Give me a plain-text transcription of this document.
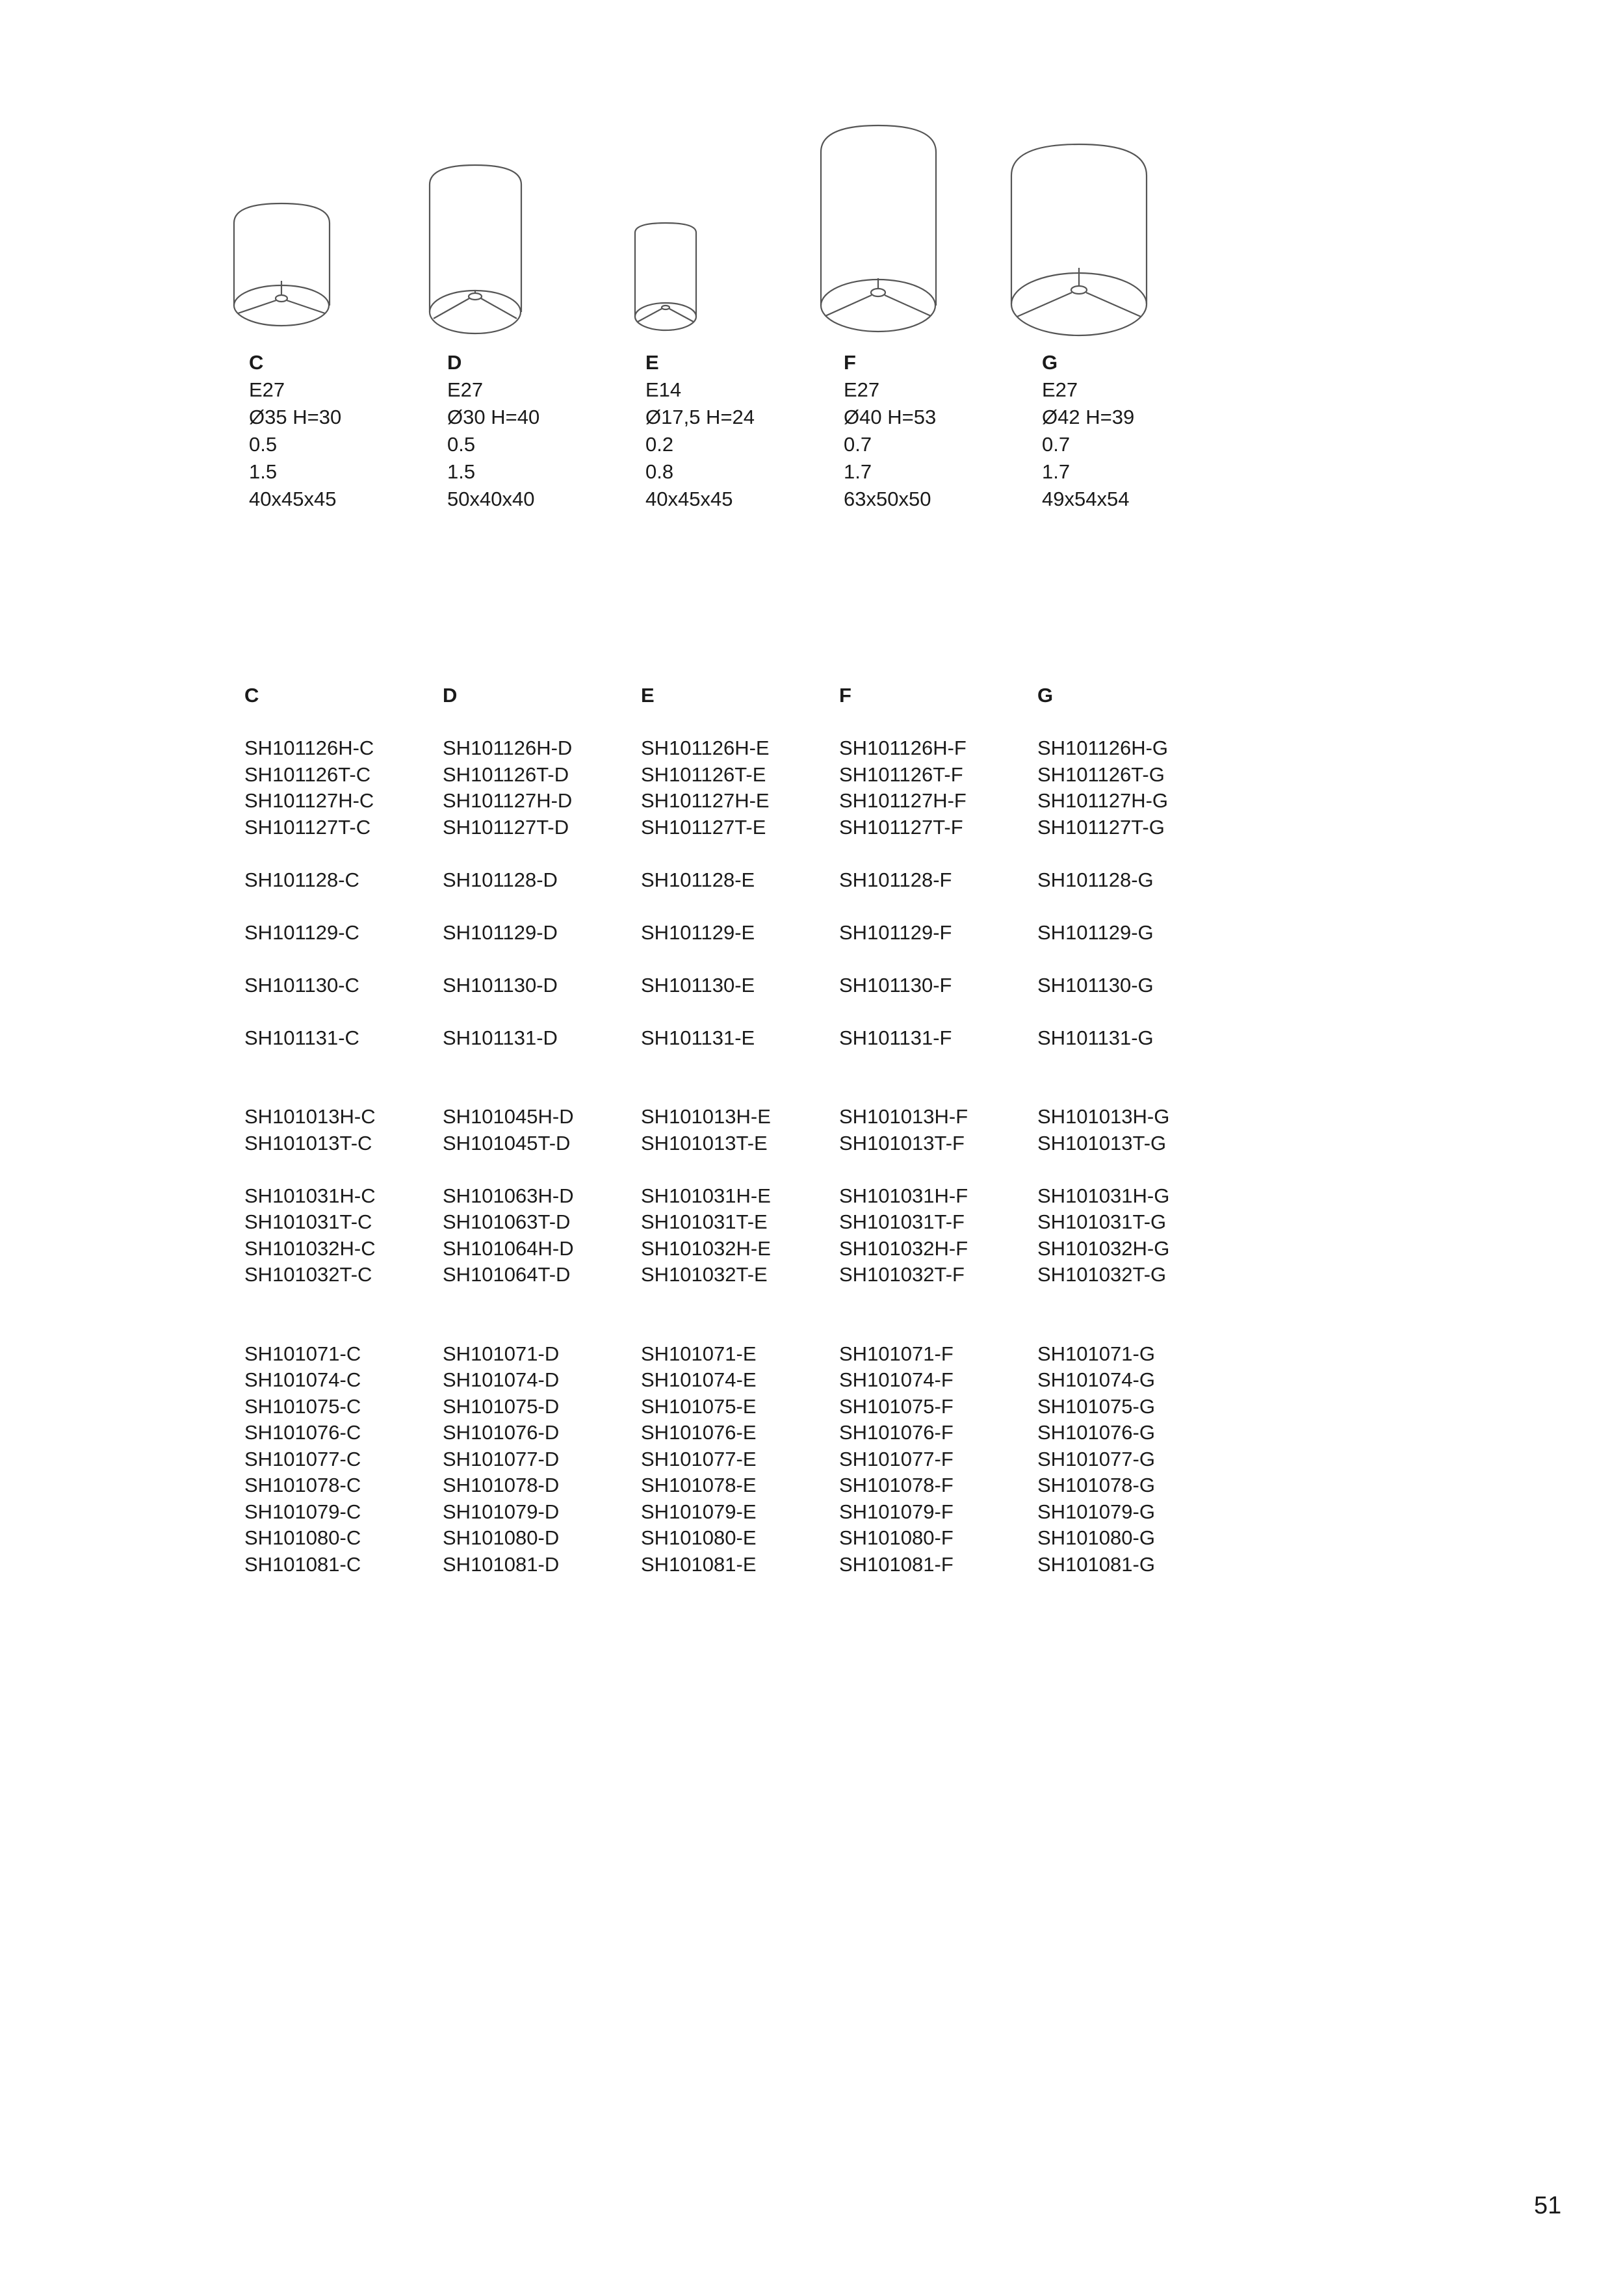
C
E27
Ø35 H=30
0.5
1.5
40x45x45
D
E27
Ø30 H=40
0.5
1.5
50x40x40
E
E14
Ø17,5 H=24
0.2
0.8
40x45x45
F
E27
Ø40 H=53
0.7
1.7
63x50x50
G
E27
Ø42 H=39
0.7
1.7
49x54x54
C
SH101126H-C
SH101126T-C
SH101127H-C
SH101127T-C
SH101128-C
SH101129-C
SH101130-C
SH101131-C
SH101013H-C
SH101013T-C
SH101031H-C
SH101031T-C
SH101032H-C
SH101032T-C
SH101071-C
SH101074-C
SH101075-C
SH101076-C
SH101077-C
SH101078-C
SH101079-C
SH101080-C
SH101081-C
D
SH101126H-D
SH101126T-D
SH101127H-D
SH101127T-D
SH101128-D
SH101129-D
SH101130-D
SH101131-D
SH101045H-D
SH101045T-D
SH101063H-D
SH101063T-D
SH101064H-D
SH101064T-D
SH101071-D
SH101074-D
SH101075-D
SH101076-D
SH101077-D
SH101078-D
SH101079-D
SH101080-D
SH101081-D
E
SH101126H-E
SH101126T-E
SH101127H-E
SH101127T-E
SH101128-E
SH101129-E
SH101130-E
SH101131-E
SH101013H-E
SH101013T-E
SH101031H-E
SH101031T-E
SH101032H-E
SH101032T-E
SH101071-E
SH101074-E
SH101075-E
SH101076-E
SH101077-E
SH101078-E
SH101079-E
SH101080-E
SH101081-E
F
SH101126H-F
SH101126T-F
SH101127H-F
SH101127T-F
SH101128-F
SH101129-F
SH101130-F
SH101131-F
SH101013H-F
SH101013T-F
SH101031H-F
SH101031T-F
SH101032H-F
SH101032T-F
SH101071-F
SH101074-F
SH101075-F
SH101076-F
SH101077-F
SH101078-F
SH101079-F
SH101080-F
SH101081-F
G
SH101126H-G
SH101126T-G
SH101127H-G
SH101127T-G
SH101128-G
SH101129-G
SH101130-G
SH101131-G
SH101013H-G
SH101013T-G
SH101031H-G
SH101031T-G
SH101032H-G
SH101032T-G
SH101071-G
SH101074-G
SH101075-G
SH101076-G
SH101077-G
SH101078-G
SH101079-G
SH101080-G
SH101081-G
51
